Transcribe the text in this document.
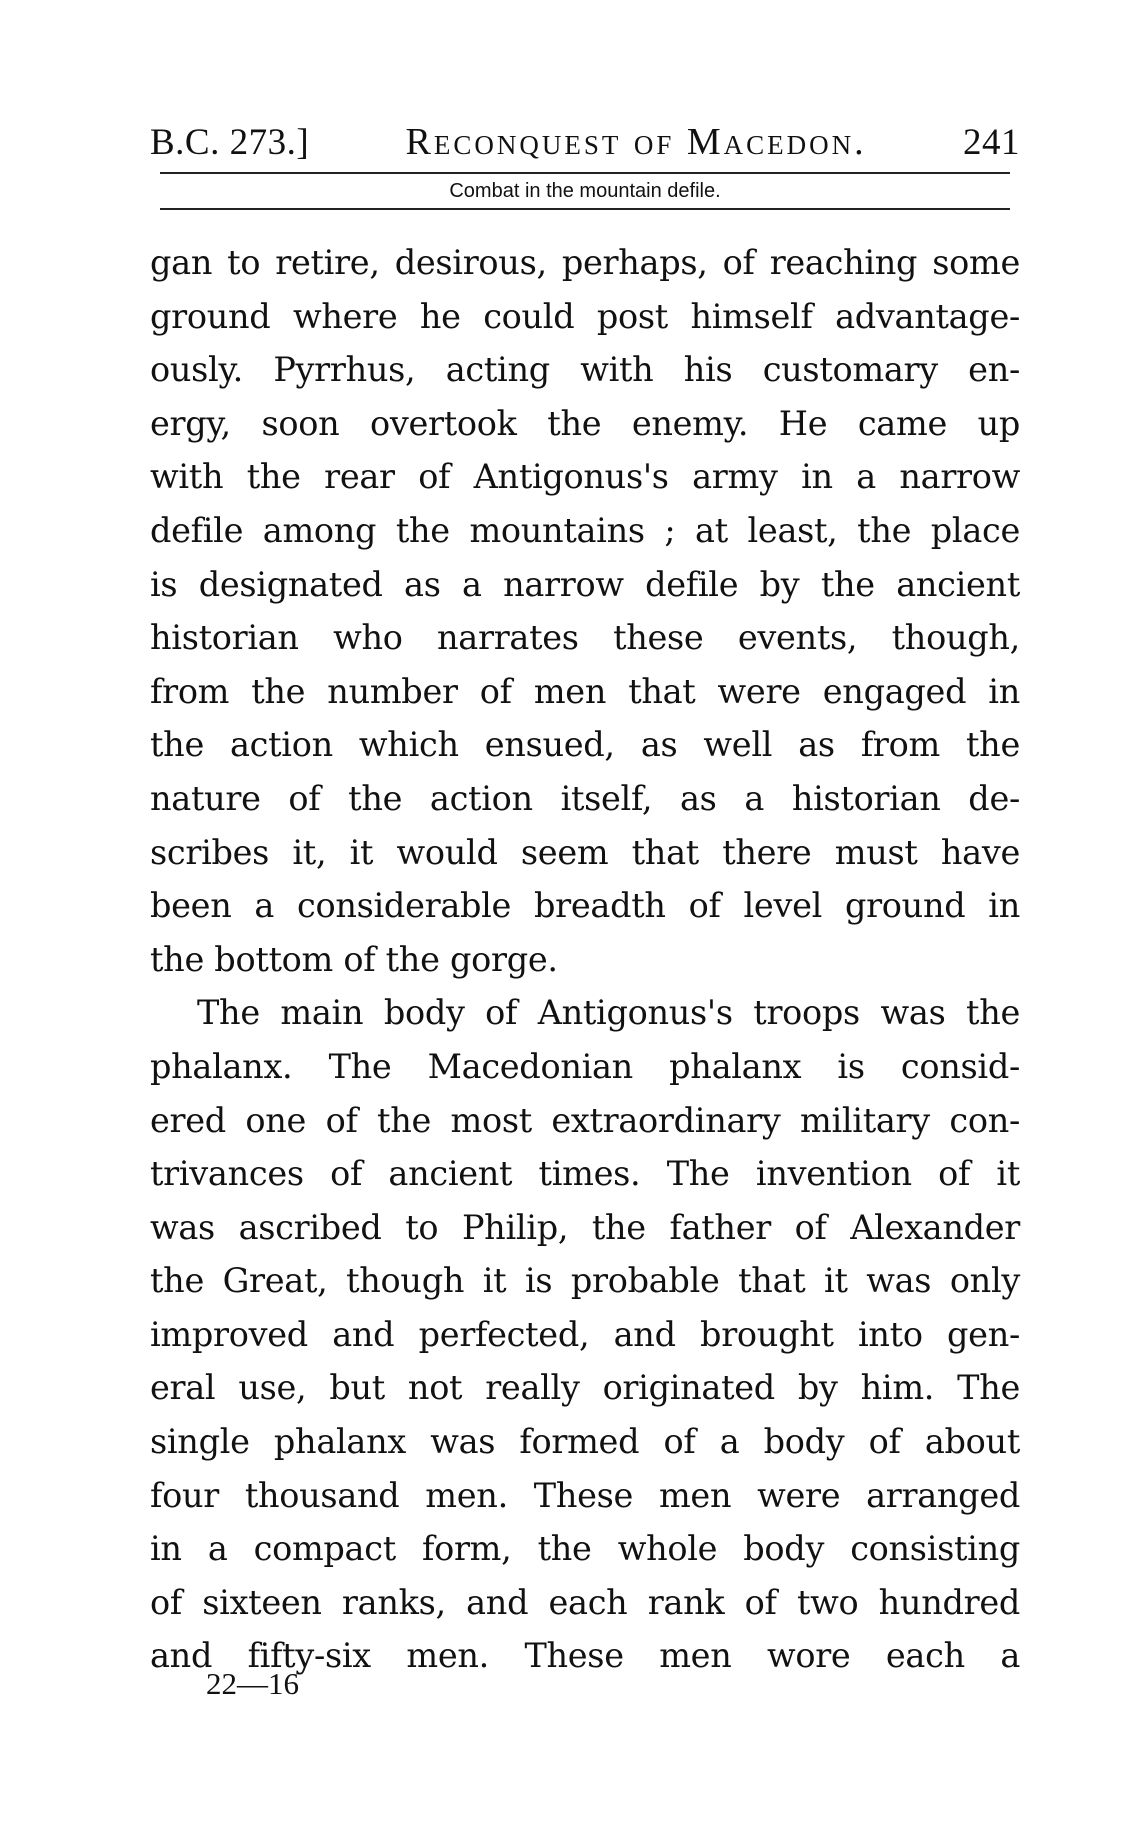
B.C. 273.]	Reconquest of Macedon.	241
Combat in the mountain defile.

gan to retire, desirous, perhaps, of reaching some
ground where he could post himself advantage-
ously. Pyrrhus, acting with his customary en-
ergy, soon overtook the enemy. He came up
with the rear of Antigonus's army in a narrow
defile among the mountains ; at least, the place
is designated as a narrow defile by the ancient
historian who narrates these events, though,
from the number of men that were engaged in
the action which ensued, as well as from the
nature of the action itself, as a historian de-
scribes it, it would seem that there must have
been a considerable breadth of level ground in
the bottom of the gorge.

The main body of Antigonus's troops was the
phalanx. The Macedonian phalanx is consid-
ered one of the most extraordinary military con-
trivances of ancient times. The invention of it
was ascribed to Philip, the father of Alexander
the Great, though it is probable that it was only
improved and perfected, and brought into gen-
eral use, but not really originated by him. The
single phalanx was formed of a body of about
four thousand men. These men were arranged
in a compact form, the whole body consisting
of sixteen ranks, and each rank of two hundred
and fifty-six men. These men wore each a

22—16
